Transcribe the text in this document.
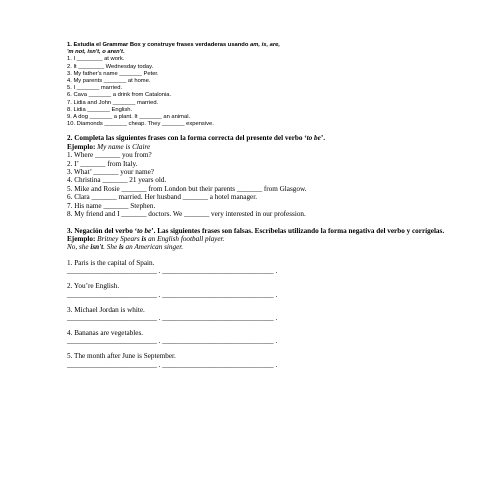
1. Estudia el Grammar Box y construye frases verdaderas usando am, is, are,
'm not, isn't, o aren't.
1. I ________ at work.
2. It ________ Wednesday today.
3. My father's name _______ Peter.
4. My parents _______ at home.
5. I _______ married.
6. Cava _______ a drink from Catalonia.
7. Lidia and John _______ married.
8. Lidia _______ English.
9. A dog _______ a plant. It _______ an animal.
10. Diamonds _______ cheap. They _______ expensive.
2. Completa las siguientes frases con la forma correcta del presente del verbo ‘to be’.
Ejemplo: My name is Claire
1. Where _______ you from?
2. I’ _______ from Italy.
3. What’ _______ your name?
4. Christina _______ 21 years old.
5. Mike and Rosie _______ from London but their parents _______ from Glasgow.
6. Clara _______ married. Her husband _______ a hotel manager.
7. His name _______ Stephen.
8. My friend and I _______ doctors. We _______ very interested in our profession.
3. Negación del verbo ‘to be’. Las siguientes frases son falsas. Escríbelas utilizando la forma negativa del verbo y corrígelas.
Ejemplo: Britney Spears is an English football player.
No, she isn't. She is an American singer.
1. Paris is the capital of Spain.
_________________________ . _______________________________ .
2. You’re English.
_________________________ . _______________________________ .
3. Michael Jordan is white.
_________________________ . _______________________________ .
4. Bananas are vegetables.
_________________________ . _______________________________ .
5. The month after June is September.
_________________________ . _______________________________ .
